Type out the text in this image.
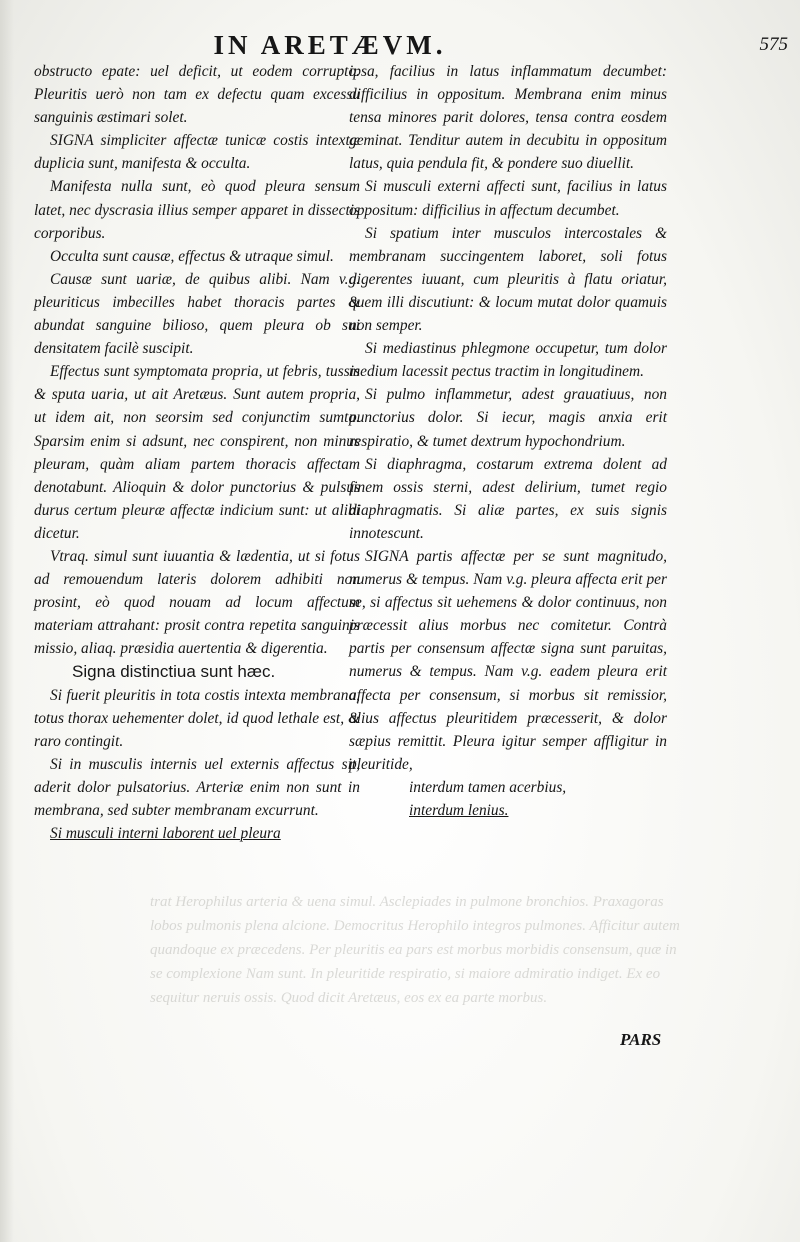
trat Herophilus arteria & uena simul. Asclepiades in pulmone bronchios. Praxagoras lobos pulmonis plena alcione. Democritus Herophilo integros pulmones. Afficitur autem quandoque ex præcedens. Per pleuritis ea pars est morbus morbidis consensum, quæ in se complexione Nam sunt. In pleuritide respiratio, si maiore admiratio indiget. Ex eo sequitur neruis ossis. Quod dicit Aretæus, eos ex ea parte morbus.
IN ARETÆVM.	575

obstructo epate: uel deficit, ut eodem corrupto. Pleuritis uerò non tam ex defectu quam excessu sanguinis æstimari solet.

SIGNA simpliciter affectæ tunicæ costis intextæ duplicia sunt, manifesta & occulta.

Manifesta nulla sunt, eò quod pleura sensum latet, nec dyscrasia illius semper apparet in dissectis corporibus.

Occulta sunt causæ, effectus & utraque simul.

Causæ sunt uariæ, de quibus alibi. Nam v.g. pleuriticus imbecilles habet thoracis partes & abundat sanguine bilioso, quem pleura ob sui densitatem facilè suscipit.

Effectus sunt symptomata propria, ut febris, tussis & sputa uaria, ut ait Aretæus. Sunt autem propria, ut idem ait, non seorsim sed conjunctim sumta. Sparsim enim si adsunt, nec conspirent, non minus pleuram, quàm aliam partem thoracis affectam denotabunt. Alioquin & dolor punctorius & pulsus durus certum pleuræ affectæ indicium sunt: ut alibi dicetur.

Vtraq. simul sunt iuuantia & lædentia, ut si fotus ad remouendum lateris dolorem adhibiti non prosint, eò quod nouam ad locum affectum materiam attrahant: prosit contra repetita sanguinis missio, aliaq. præsidia auertentia & digerentia.

Signa distinctiua sunt hæc.

Si fuerit pleuritis in tota costis intexta membrana, totus thorax uehementer dolet, id quod lethale est, & raro contingit.

Si in musculis internis uel externis affectus sit, aderit dolor pulsatorius. Arteriæ enim non sunt in membrana, sed subter membranam excurrunt.

Si musculi interni laborent uel pleura

ipsa, facilius in latus inflammatum decumbet: difficilius in oppositum. Membrana enim minus tensa minores parit dolores, tensa contra eosdem geminat. Tenditur autem in decubitu in oppositum latus, quia pendula fit, & pondere suo diuellit.

Si musculi externi affecti sunt, facilius in latus oppositum: difficilius in affectum decumbet.

Si spatium inter musculos intercostales & membranam succingentem laboret, soli fotus digerentes iuuant, cum pleuritis à flatu oriatur, quem illi discutiunt: & locum mutat dolor quamuis non semper.

Si mediastinus phlegmone occupetur, tum dolor medium lacessit pectus tractim in longitudinem.

Si pulmo inflammetur, adest grauatiuus, non punctorius dolor. Si iecur, magis anxia erit respiratio, & tumet dextrum hypochondrium.

Si diaphragma, costarum extrema dolent ad finem ossis sterni, adest delirium, tumet regio diaphragmatis. Si aliæ partes, ex suis signis innotescunt.

SIGNA partis affectæ per se sunt magnitudo, numerus & tempus. Nam v.g. pleura affecta erit per se, si affectus sit uehemens & dolor continuus, non præcessit alius morbus nec comitetur. Contrà partis per consensum affectæ signa sunt paruitas, numerus & tempus. Nam v.g. eadem pleura erit affecta per consensum, si morbus sit remissior, alius affectus pleuritidem præcesserit, & dolor sæpius remittit. Pleura igitur semper affligitur in pleuritide,

interdum tamen acerbius,

interdum lenius.

PARS
